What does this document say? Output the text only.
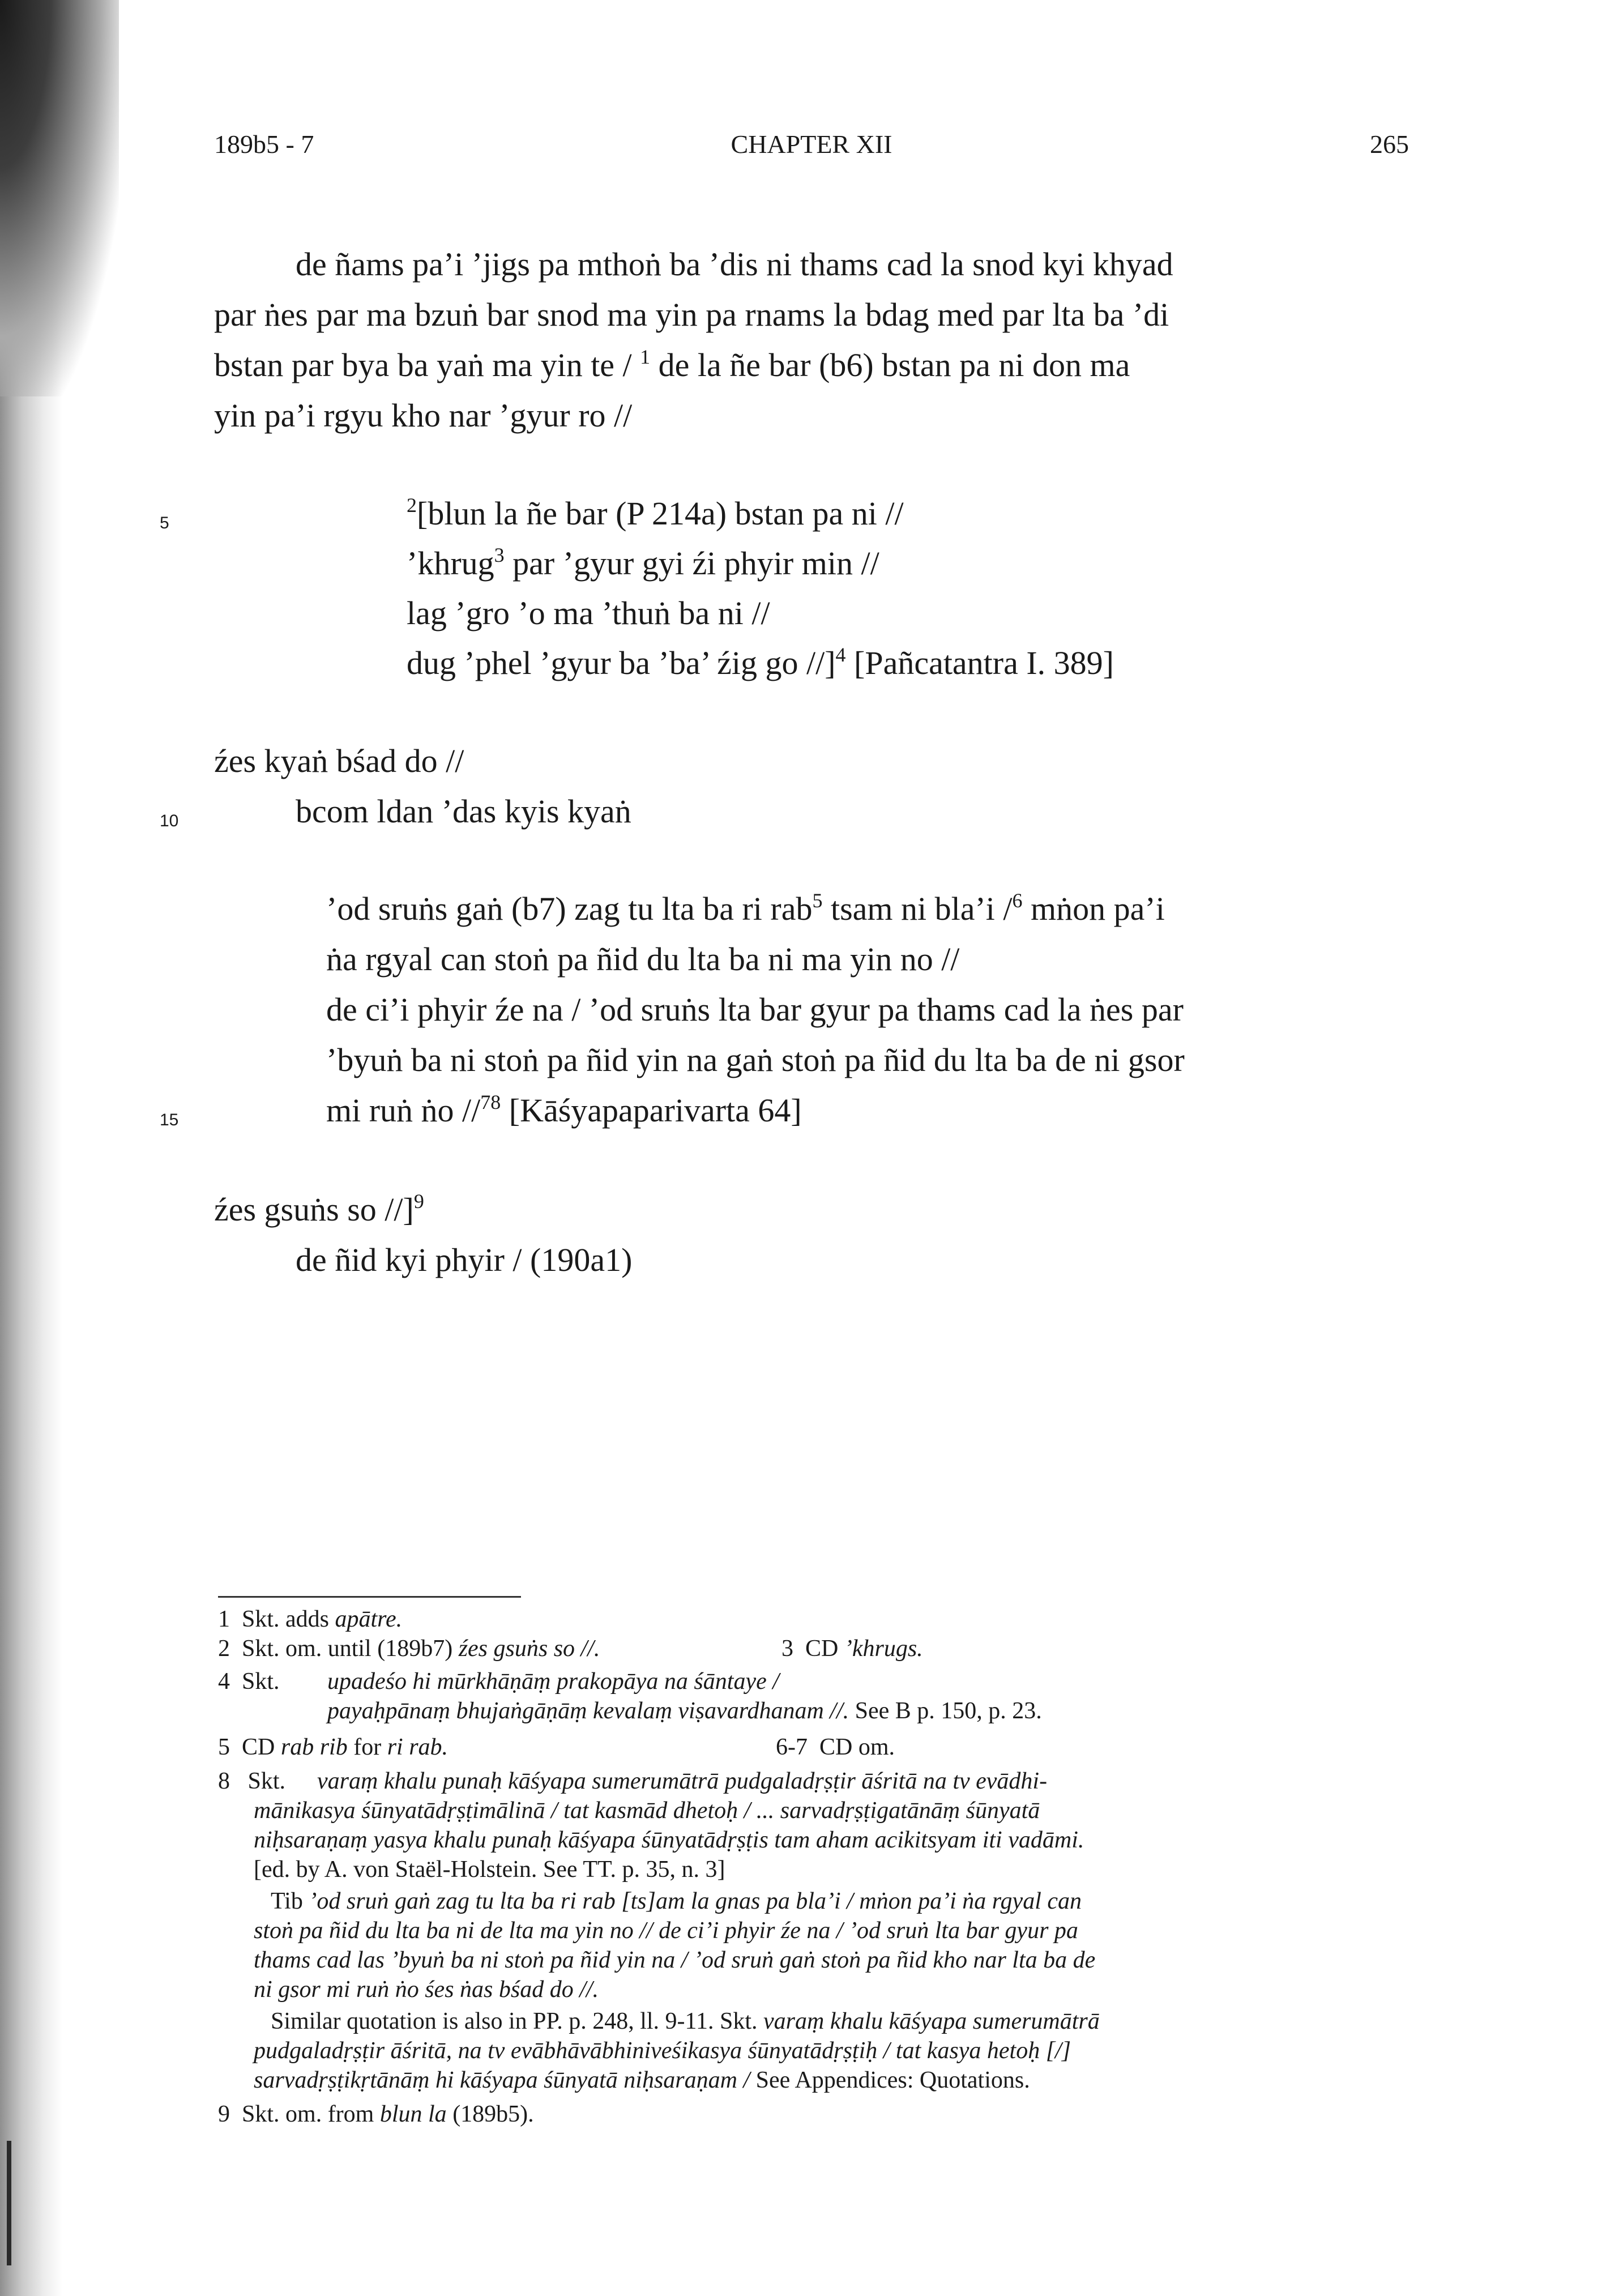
189b5 - 7	CHAPTER XII	265
de ñams pa’i ’jigs pa mthoṅ ba ’dis ni thams cad la snod kyi khyad
par ṅes par ma bzuṅ bar snod ma yin pa rnams la bdag med par lta ba ’di
bstan par bya ba yaṅ ma yin te / $^1$ de la ñe bar (b6) bstan pa ni don ma
yin pa’i rgyu kho nar ’gyur ro //
$^2$[blun la ñe bar (P 214a) bstan pa ni //
’khrug$^3$ par ’gyur gyi źi phyir min //
lag ’gro ’o ma ’thuṅ ba ni //
dug ’phel ’gyur ba ’ba’ źig go //]$^4$ [Pañcatantra I. 389]
źes kyaṅ bśad do //
bcom ldan ’das kyis kyaṅ
’od sruṅs gaṅ (b7) zag tu lta ba ri rab$^5$ tsam ni bla’i /$^6$ mṅon pa’i
ṅa rgyal can stoṅ pa ñid du lta ba ni ma yin no //
de ci’i phyir źe na / ’od sruṅs lta bar gyur pa thams cad la ṅes par
’byuṅ ba ni stoṅ pa ñid yin na gaṅ stoṅ pa ñid du lta ba de ni gsor
mi ruṅ ṅo //$^{78}$ [Kāśyapaparivarta 64]
źes gsuṅs so //]$^9$
de ñid kyi phyir / (190a1)
5
10
15
1 Skt. adds apātre.
2 Skt. om. until (189b7) źes gsuṅs so //.	3 CD ’khrugs.
4 Skt. upadeśo hi mūrkhāṇāṃ prakopāya na śāntaye /
payaḥpānaṃ bhujaṅgāṇāṃ kevalaṃ viṣavardhanam //. See B p. 150, p. 23.
5 CD rab rib for ri rab.	6-7 CD om.
8 Skt. varaṃ khalu punaḥ kāśyapa sumerumātrā pudgaladṛṣṭir āśritā na tv evādhi-
mānikasya śūnyatādṛṣṭimālinā / tat kasmād dhetoḥ / ... sarvadṛṣṭigatānāṃ śūnyatā
niḥsaraṇaṃ yasya khalu punaḥ kāśyapa śūnyatādṛṣṭis tam aham acikitsyam iti vadāmi.
[ed. by A. von Staël-Holstein. See TT. p. 35, n. 3]
Tib ’od sruṅ gaṅ zag tu lta ba ri rab [ts]am la gnas pa bla’i / mṅon pa’i ṅa rgyal can
stoṅ pa ñid du lta ba ni de lta ma yin no // de ci’i phyir źe na / ’od sruṅ lta bar gyur pa
thams cad las ’byuṅ ba ni stoṅ pa ñid yin na / ’od sruṅ gaṅ stoṅ pa ñid kho nar lta ba de
ni gsor mi ruṅ ṅo śes ṅas bśad do //.
Similar quotation is also in PP. p. 248, ll. 9-11. Skt. varaṃ khalu kāśyapa sumerumātrā
pudgaladṛṣṭir āśritā, na tv evābhāvābhiniveśikasya śūnyatādṛṣṭiḥ / tat kasya hetoḥ [/]
sarvadṛṣṭikṛtānāṃ hi kāśyapa śūnyatā niḥsaraṇam / See Appendices: Quotations.
9 Skt. om. from blun la (189b5).
